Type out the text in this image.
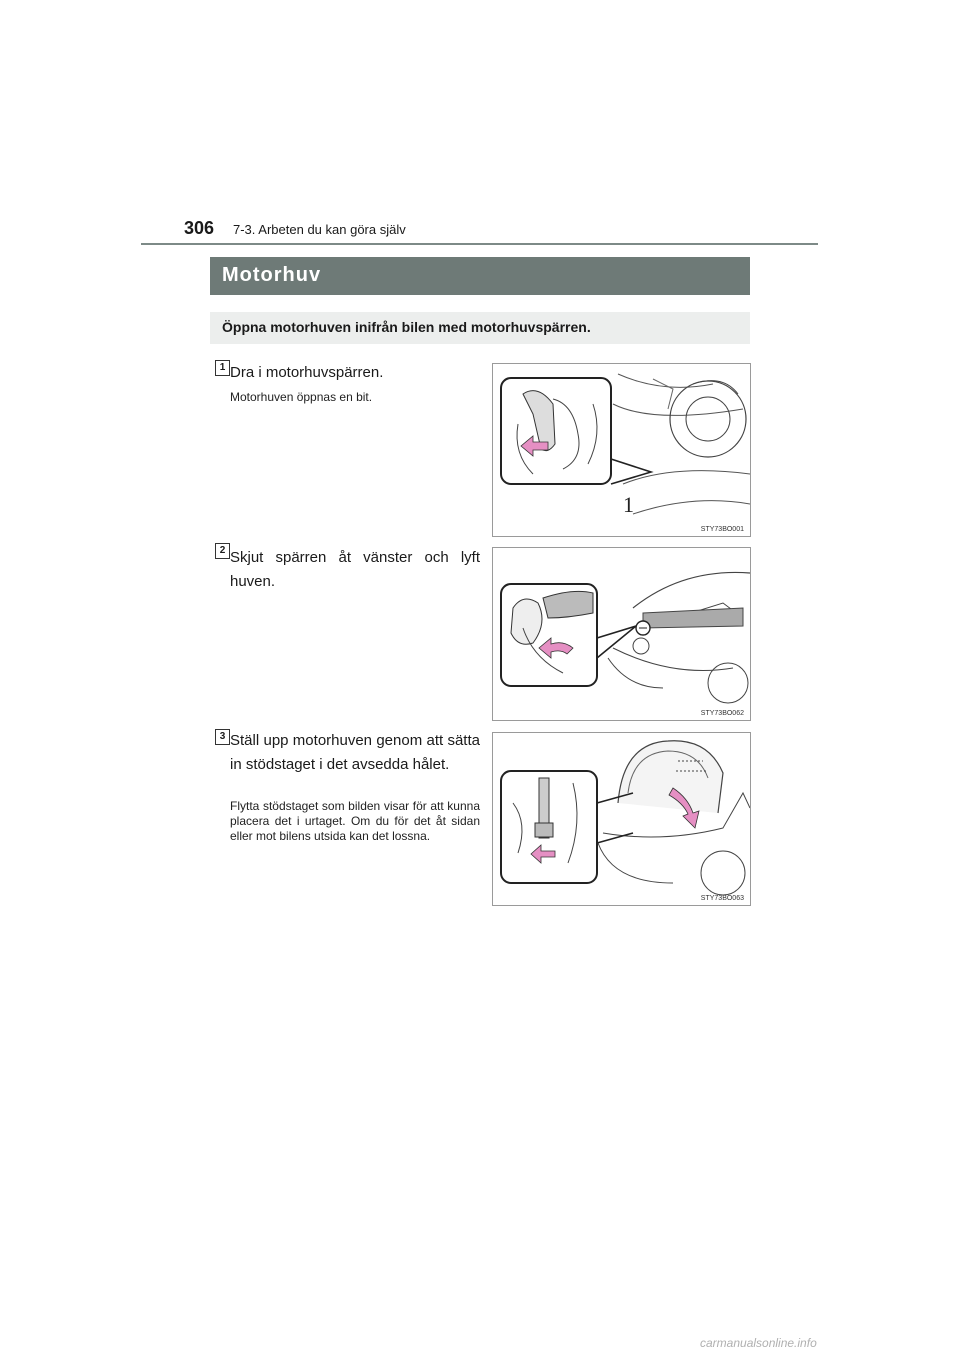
306 7-3. Arbeten du kan göra själv
Motorhuv
Öppna motorhuven inifrån bilen med motorhuvspärren.
1 Dra i motorhuvspärren.
Motorhuven öppnas en bit.
1
STY73BO001
2 Skjut spärren åt vänster och lyft huven.
STY73BO062
3 Ställ upp motorhuven genom att sätta in stödstaget i det avsedda hålet.
Flytta stödstaget som bilden visar för att kunna placera det i urtaget. Om du för det åt sidan eller mot bilens utsida kan det lossna.
STY73BO063
carmanualsonline.info
